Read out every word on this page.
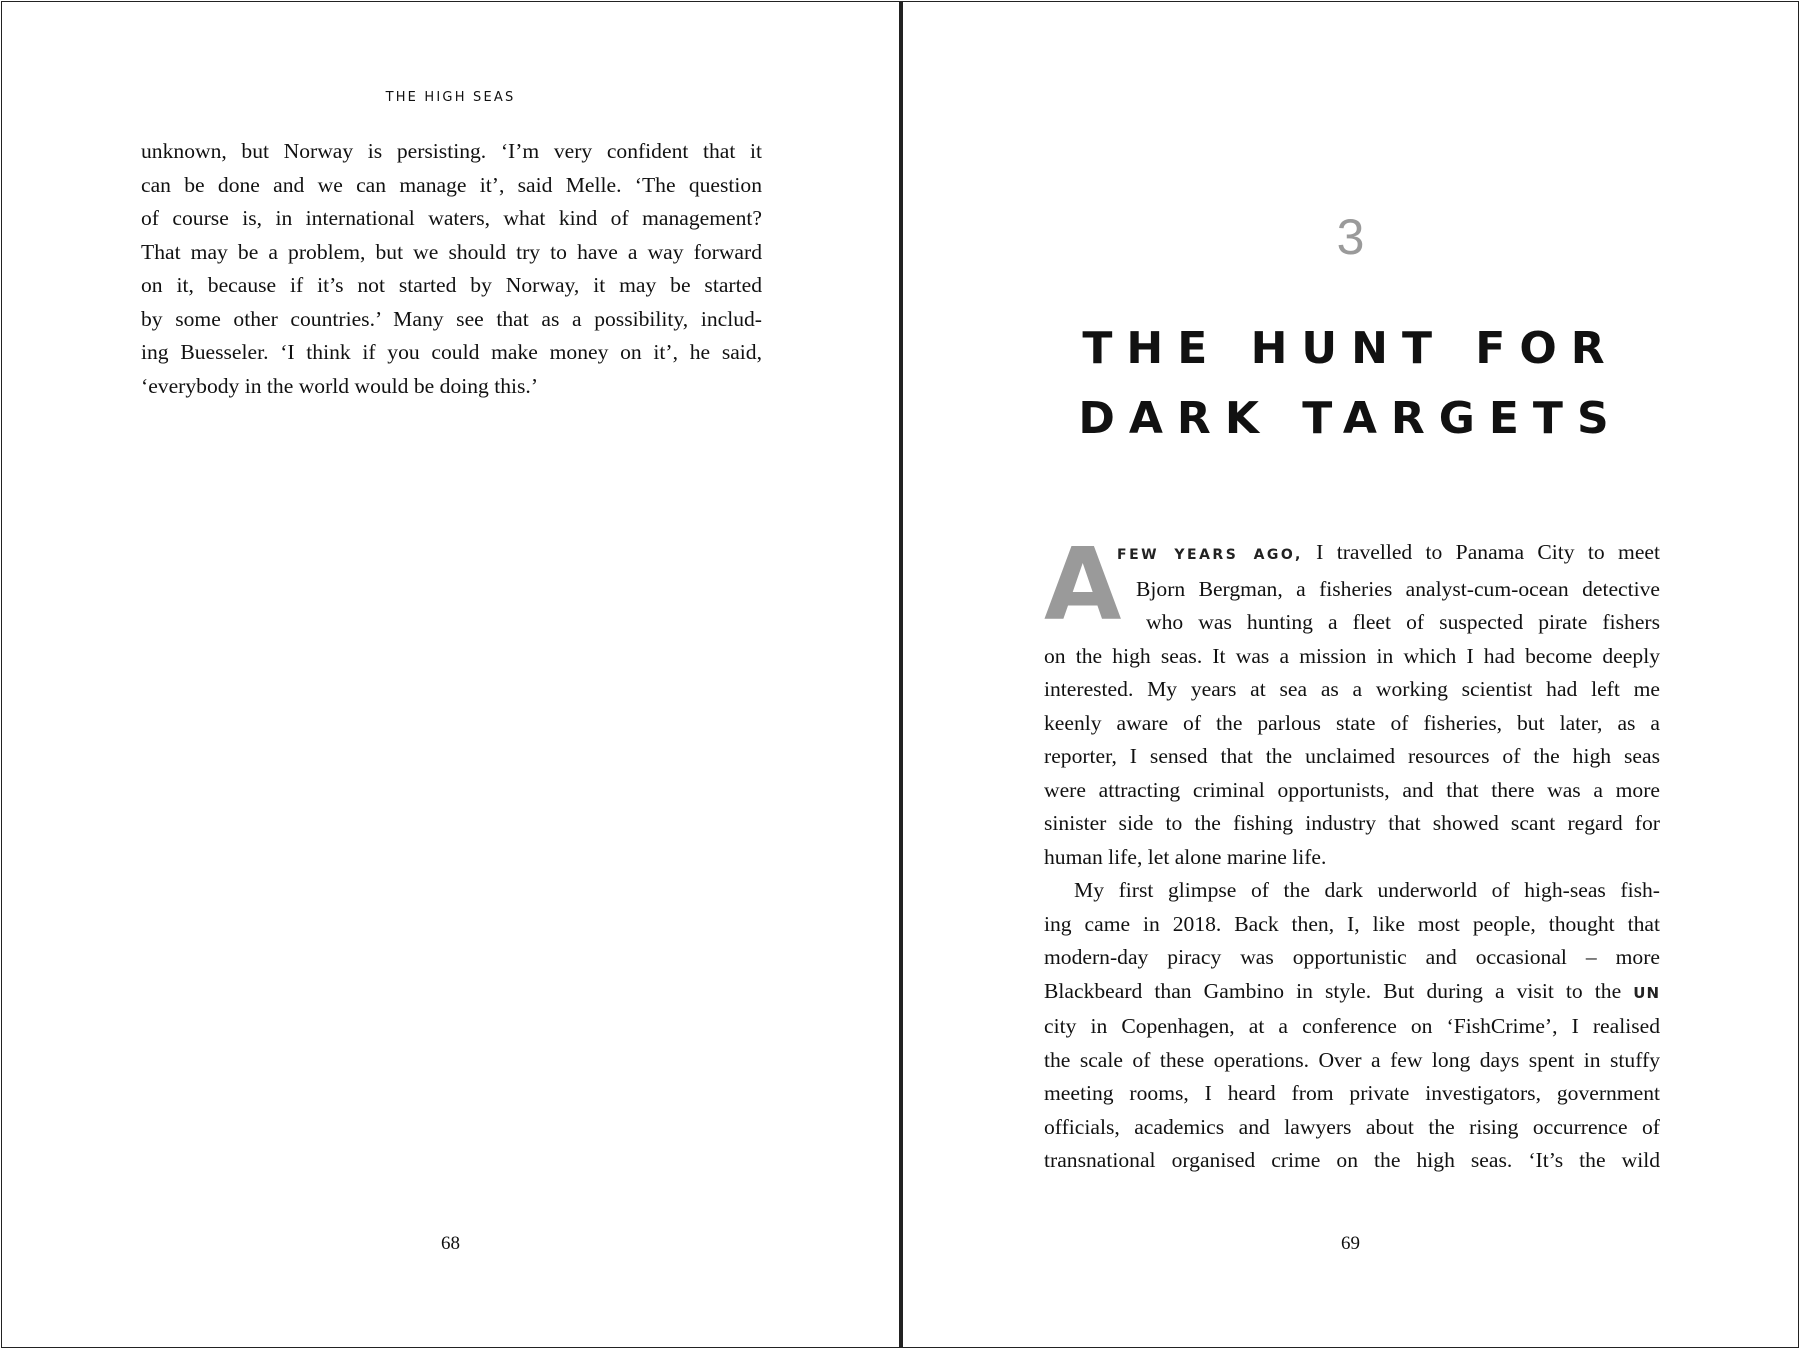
THE HIGH SEAS
unknown, but Norway is persisting. ‘I’m very confident that it
can be done and we can manage it’, said Melle. ‘The question
of course is, in international waters, what kind of management?
That may be a problem, but we should try to have a way forward
on it, because if it’s not started by Norway, it may be started
by some other countries.’ Many see that as a possibility, includ-
ing Buesseler. ‘I think if you could make money on it’, he said,
‘everybody in the world would be doing this.’
68
3
THE HUNT FOR
DARK TARGETS
A
FEW YEARS AGO, I travelled to Panama City to meet
Bjorn Bergman, a fisheries analyst-cum-ocean detective
who was hunting a fleet of suspected pirate fishers
on the high seas. It was a mission in which I had become deeply
interested. My years at sea as a working scientist had left me
keenly aware of the parlous state of fisheries, but later, as a
reporter, I sensed that the unclaimed resources of the high seas
were attracting criminal opportunists, and that there was a more
sinister side to the fishing industry that showed scant regard for
human life, let alone marine life.
My first glimpse of the dark underworld of high-seas fish-
ing came in 2018. Back then, I, like most people, thought that
modern-day piracy was opportunistic and occasional – more
Blackbeard than Gambino in style. But during a visit to the UN
city in Copenhagen, at a conference on ‘FishCrime’, I realised
the scale of these operations. Over a few long days spent in stuffy
meeting rooms, I heard from private investigators, government
officials, academics and lawyers about the rising occurrence of
transnational organised crime on the high seas. ‘It’s the wild
69
